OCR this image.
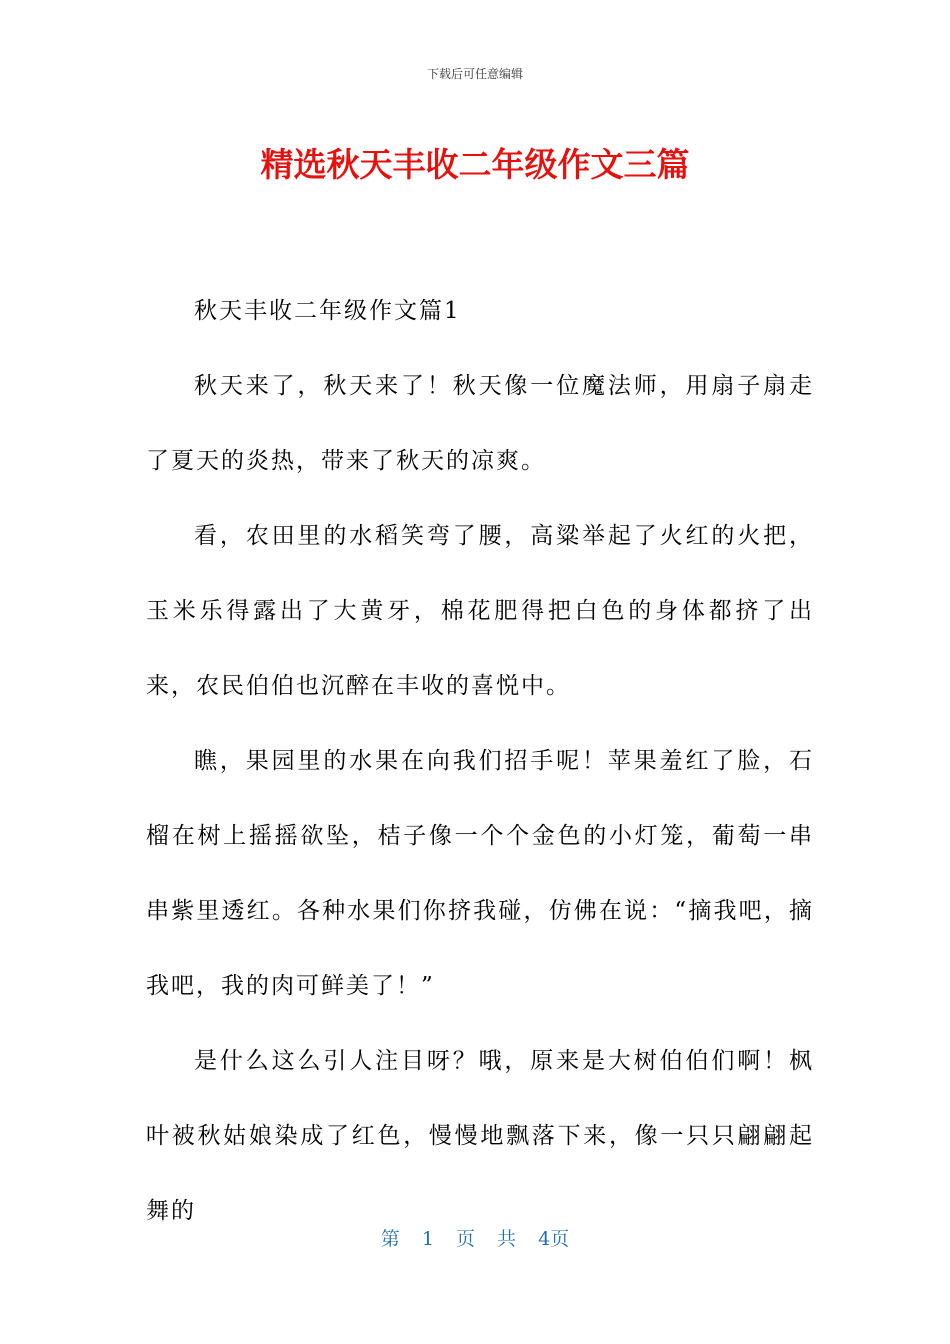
下载后可任意编辑
精选秋天丰收二年级作文三篇

秋天丰收二年级作文篇1

秋天来了，秋天来了！秋天像一位魔法师，用扇子扇走了夏天的炎热，带来了秋天的凉爽。

看，农田里的水稻笑弯了腰，高粱举起了火红的火把，玉米乐得露出了大黄牙，棉花肥得把白色的身体都挤了出来，农民伯伯也沉醉在丰收的喜悦中。

瞧，果园里的水果在向我们招手呢！苹果羞红了脸，石榴在树上摇摇欲坠，桔子像一个个金色的小灯笼，葡萄一串串紫里透红。各种水果们你挤我碰，仿佛在说：“摘我吧，摘我吧，我的肉可鲜美了！”

是什么这么引人注目呀？哦，原来是大树伯伯们啊！枫叶被秋姑娘染成了红色，慢慢地飘落下来，像一只只翩翩起舞的

第 1 页 共 4页
